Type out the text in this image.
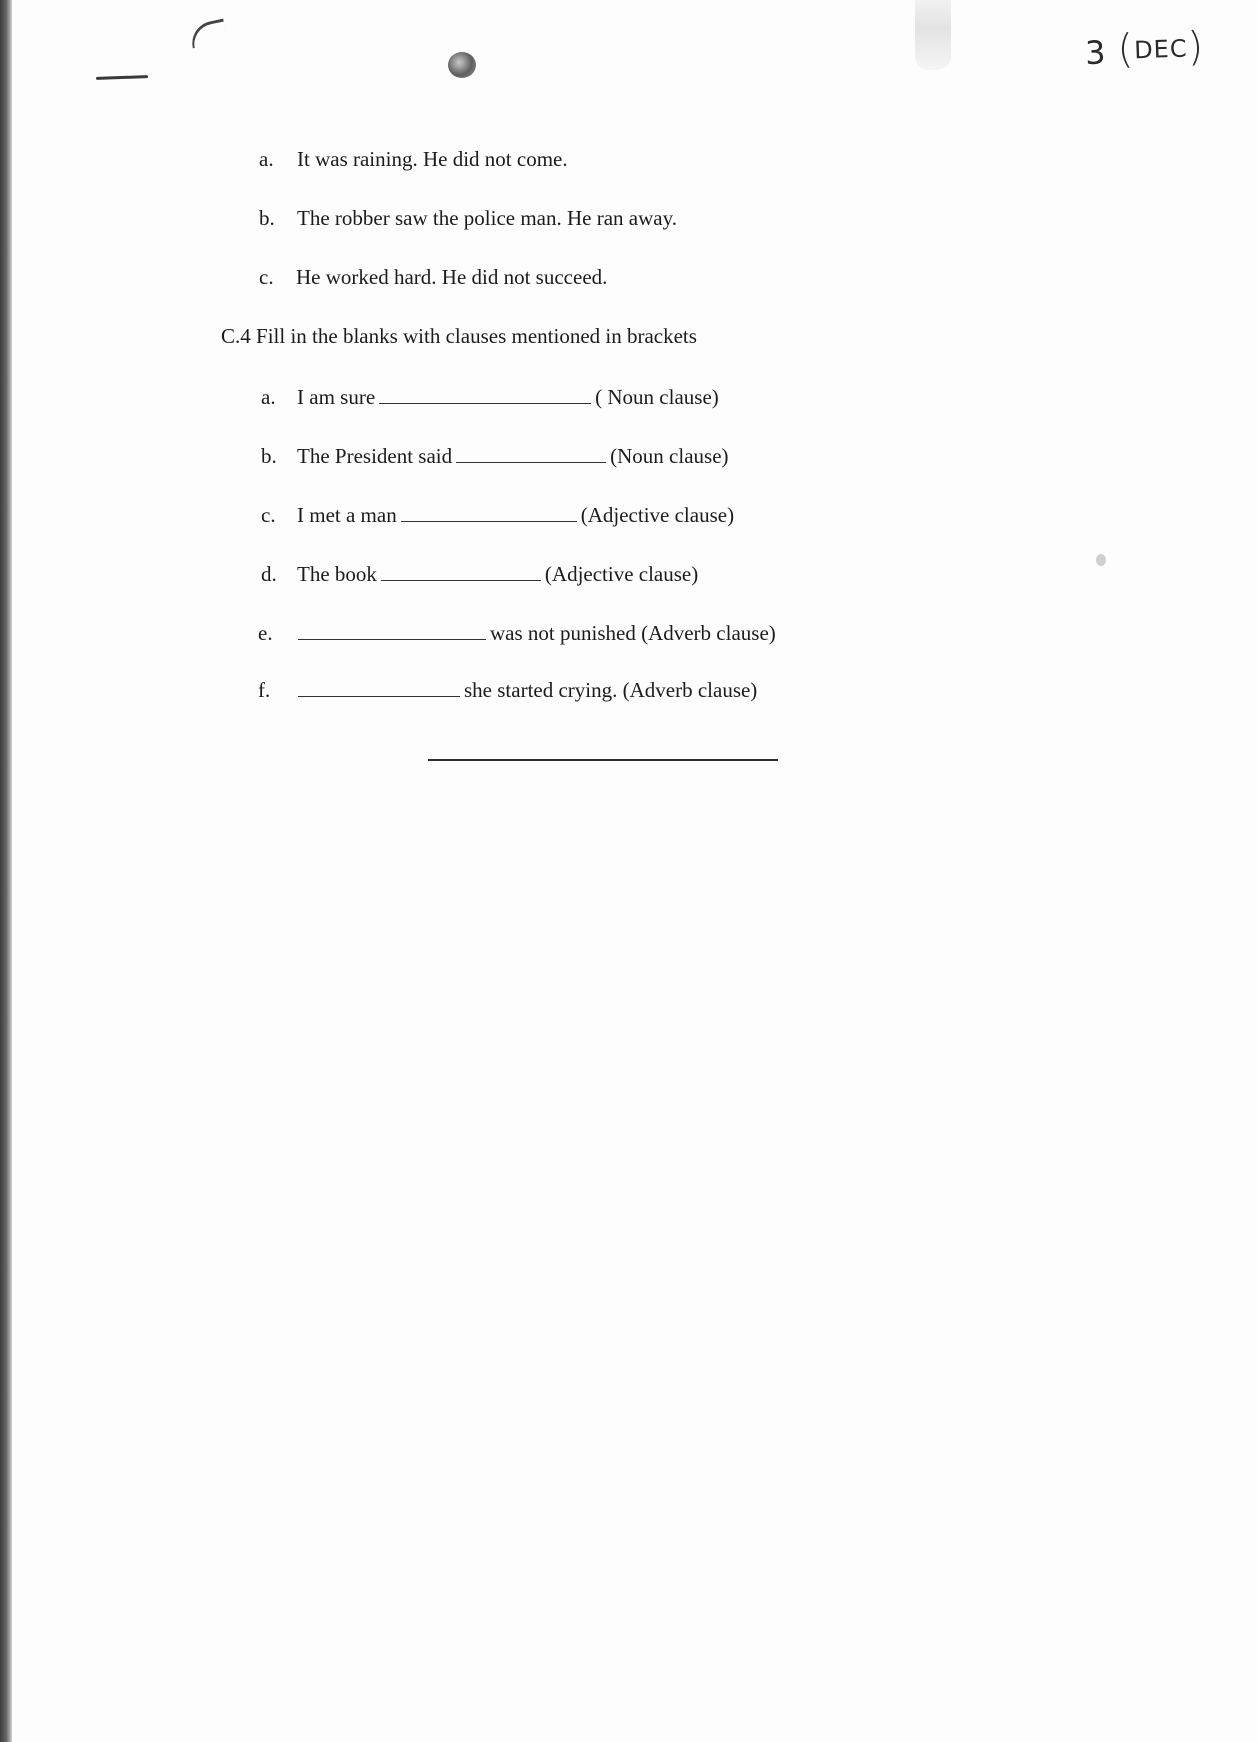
3 (DEC)
a. It was raining. He did not come.
b. The robber saw the police man. He ran away.
c. He worked hard. He did not succeed.
C.4 Fill in the blanks with clauses mentioned in brackets
a. I am sure	( Noun clause)
b. The President said	(Noun clause)
c. I met a man	(Adjective clause)
d. The book	(Adjective clause)
e.	was not punished (Adverb clause)
f.	she started crying. (Adverb clause)
